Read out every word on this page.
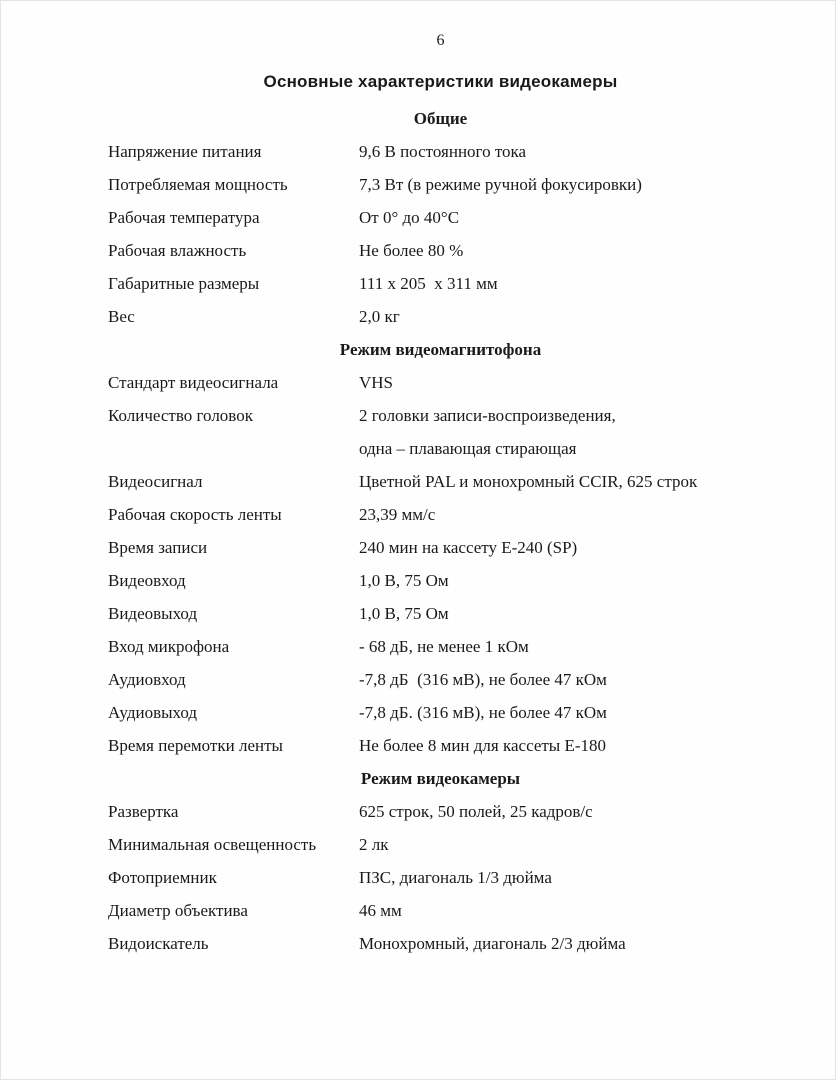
6
Основные характеристики видеокамеры
Общие
Напряжение питания	9,6 В постоянного тока
Потребляемая мощность	7,3 Вт (в режиме ручной фокусировки)
Рабочая температура	От 0° до 40°С
Рабочая влажность	Не более 80 %
Габаритные размеры	111 x 205  x 311 мм
Вес	2,0 кг
Режим видеомагнитофона
Стандарт видеосигнала	VHS
Количество головок	2 головки записи-воспроизведения,
одна – плавающая стирающая
Видеосигнал	Цветной PAL и монохромный CCIR, 625 строк
Рабочая скорость ленты	23,39 мм/с
Время записи	240 мин на кассету Е-240 (SP)
Видеовход	1,0 В, 75 Ом
Видеовыход	1,0 В, 75 Ом
Вход микрофона	- 68 дБ, не менее 1 кОм
Аудиовход	-7,8 дБ  (316 мВ), не более 47 кОм
Аудиовыход	-7,8 дБ. (316 мВ), не более 47 кОм
Время перемотки ленты	Не более 8 мин для кассеты Е-180
Режим видеокамеры
Развертка	625 строк, 50 полей, 25 кадров/с
Минимальная освещенность	2 лк
Фотоприемник	ПЗС, диагональ 1/3 дюйма
Диаметр объектива	46 мм
Видоискатель	Монохромный, диагональ 2/3 дюйма
